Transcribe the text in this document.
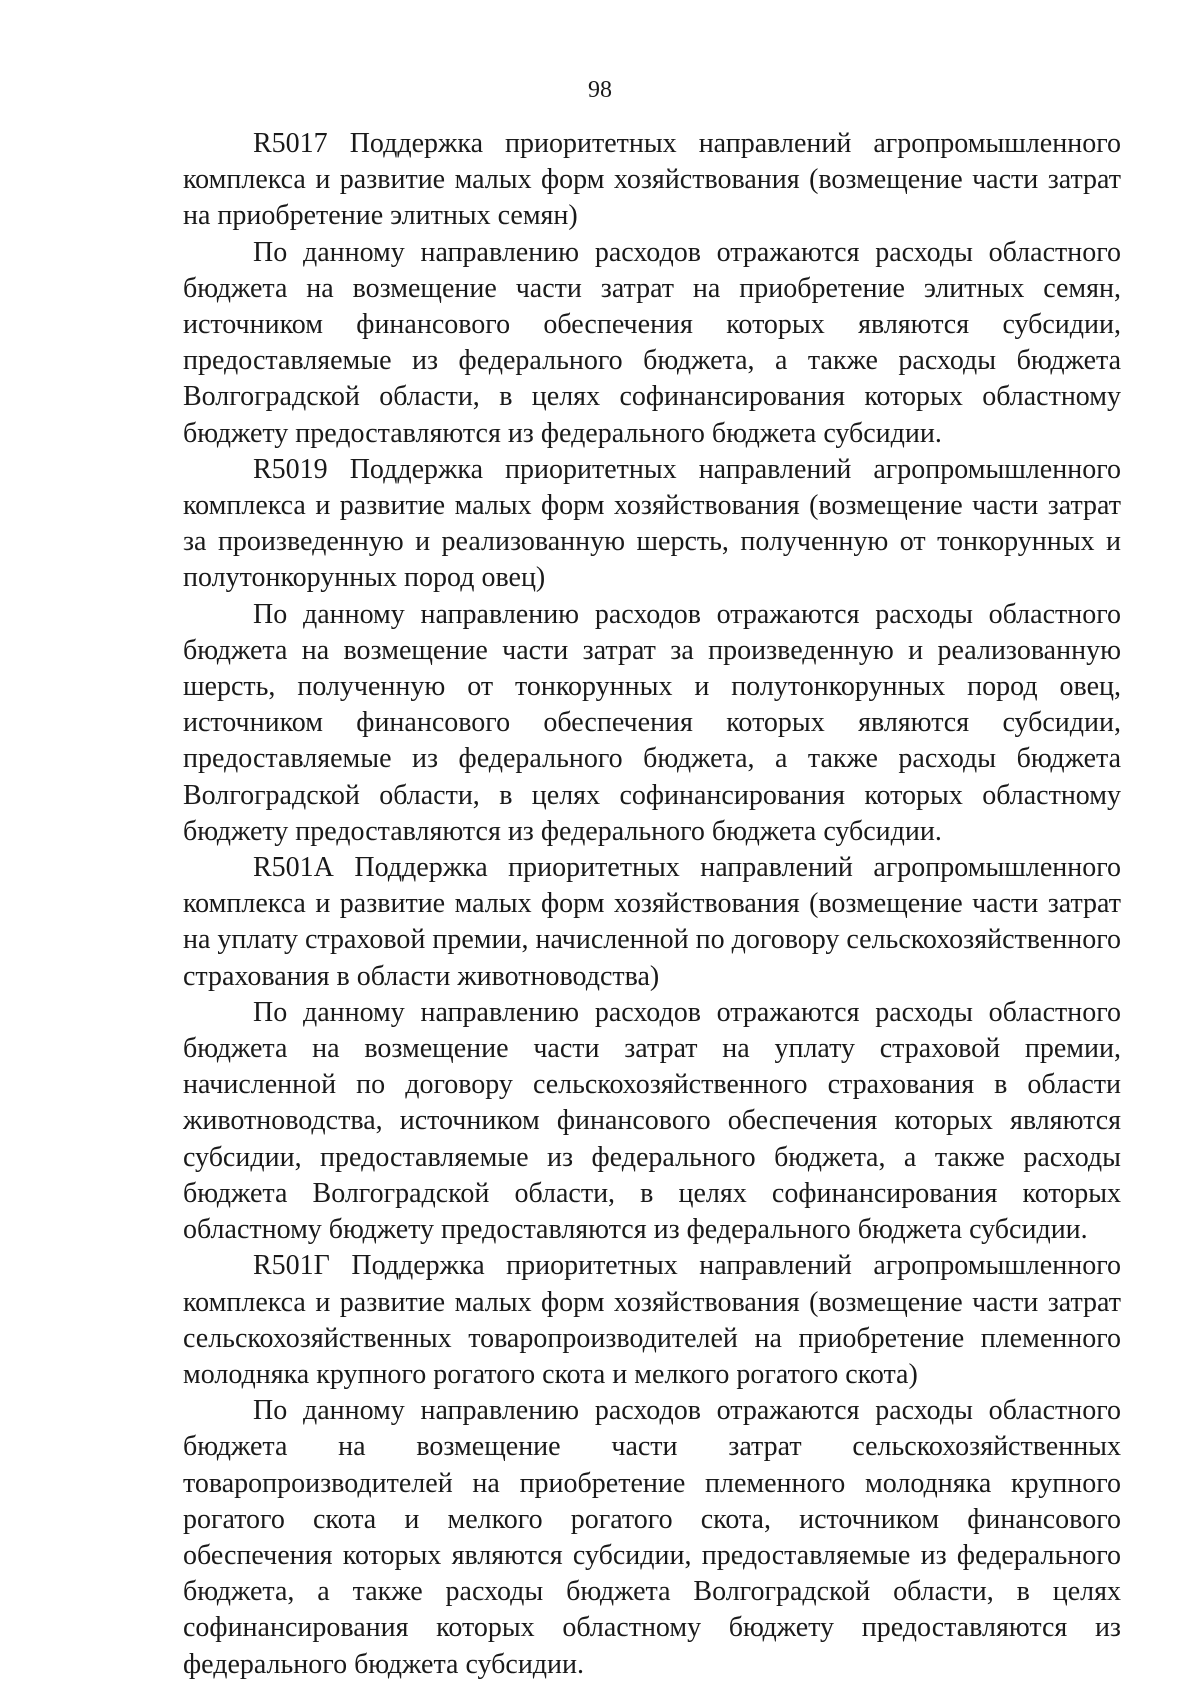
98

R5017 Поддержка приоритетных направлений агропромышленного комплекса и развитие малых форм хозяйствования (возмещение части затрат на приобретение элитных семян)

По данному направлению расходов отражаются расходы областного бюджета на возмещение части затрат на приобретение элитных семян, источником финансового обеспечения которых являются субсидии, предоставляемые из федерального бюджета, а также расходы бюджета Волгоградской области, в целях софинансирования которых областному бюджету предоставляются из федерального бюджета субсидии.

R5019 Поддержка приоритетных направлений агропромышленного комплекса и развитие малых форм хозяйствования (возмещение части затрат за произведенную и реализованную шерсть, полученную от тонкорунных и полутонкорунных пород овец)

По данному направлению расходов отражаются расходы областного бюджета на возмещение части затрат за произведенную и реализованную шерсть, полученную от тонкорунных и полутонкорунных пород овец, источником финансового обеспечения которых являются субсидии, предоставляемые из федерального бюджета, а также расходы бюджета Волгоградской области, в целях софинансирования которых областному бюджету предоставляются из федерального бюджета субсидии.

R501А Поддержка приоритетных направлений агропромышленного комплекса и развитие малых форм хозяйствования (возмещение части затрат на уплату страховой премии, начисленной по договору сельскохозяйственного страхования в области животноводства)

По данному направлению расходов отражаются расходы областного бюджета на возмещение части затрат на уплату страховой премии, начисленной по договору сельскохозяйственного страхования в области животноводства, источником финансового обеспечения которых являются субсидии, предоставляемые из федерального бюджета, а также расходы бюджета Волгоградской области, в целях софинансирования которых областному бюджету предоставляются из федерального бюджета субсидии.

R501Г Поддержка приоритетных направлений агропромышленного комплекса и развитие малых форм хозяйствования (возмещение части затрат сельскохозяйственных товаропроизводителей на приобретение племенного молодняка крупного рогатого скота и мелкого рогатого скота)

По данному направлению расходов отражаются расходы областного бюджета на возмещение части затрат сельскохозяйственных товаропроизводителей на приобретение племенного молодняка крупного рогатого скота и мелкого рогатого скота, источником финансового обеспечения которых являются субсидии, предоставляемые из федерального бюджета, а также расходы бюджета Волгоградской области, в целях софинансирования которых областному бюджету предоставляются из федерального бюджета субсидии.
